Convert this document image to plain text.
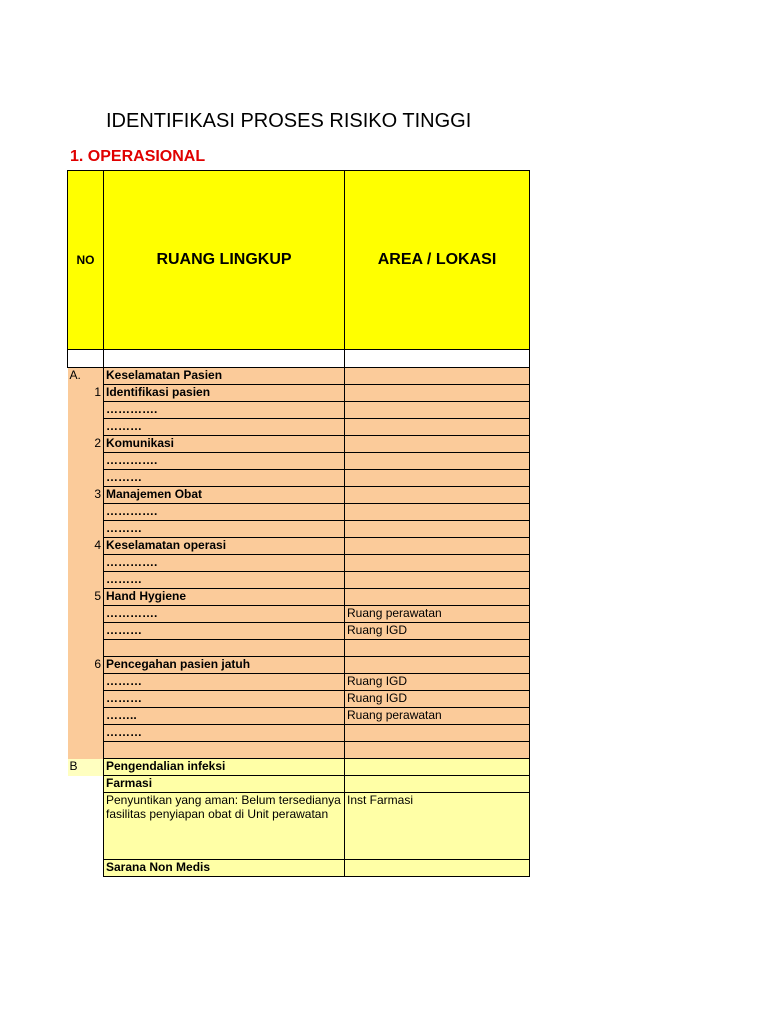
IDENTIFIKASI PROSES RISIKO TINGGI
1. OPERASIONAL
NO	RUANG LINGKUP	AREA / LOKASI

A.	Keselamatan Pasien	
1	Identifikasi pasien	
	………….	
	………	
2	Komunikasi	
	………….	
	………	
3	Manajemen Obat	
	………….	
	………	
4	Keselamatan operasi	
	………….	
	………	
5	Hand Hygiene	
	………….	Ruang perawatan
	………	Ruang IGD

6	Pencegahan pasien jatuh	
	………	Ruang IGD
	………	Ruang IGD
	……..	Ruang perawatan
	………	

B	Pengendalian infeksi	
	Farmasi	
	Penyuntikan yang aman: Belum tersedianya fasilitas penyiapan obat di Unit perawatan	Inst Farmasi
	Sarana Non Medis	
